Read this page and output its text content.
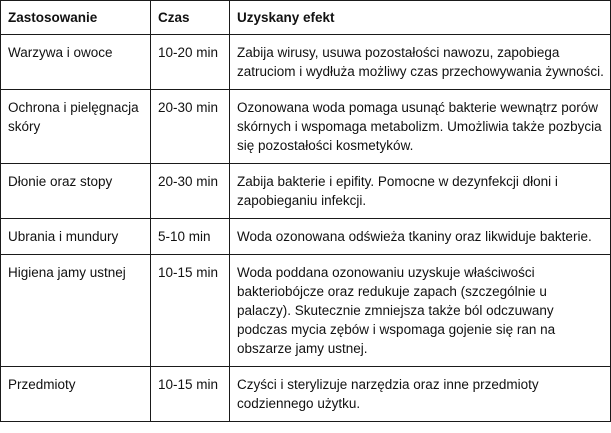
Zastosowanie	Czas	Uzyskany efekt
Warzywa i owoce	10-20 min	Zabija wirusy, usuwa pozostałości nawozu, zapobiega zatruciom i wydłuża możliwy czas przechowywania żywności.
Ochrona i pielęgnacja skóry	20-30 min	Ozonowana woda pomaga usunąć bakterie wewnątrz porów skórnych i wspomaga metabolizm. Umożliwia także pozbycia się pozostałości kosmetyków.
Dłonie oraz stopy	20-30 min	Zabija bakterie i epifity. Pomocne w dezynfekcji dłoni i zapobieganiu infekcji.
Ubrania i mundury	5-10 min	Woda ozonowana odświeża tkaniny oraz likwiduje bakterie.
Higiena jamy ustnej	10-15 min	Woda poddana ozonowaniu uzyskuje właściwości bakteriobójcze oraz redukuje zapach (szczególnie u palaczy). Skutecznie zmniejsza także ból odczuwany podczas mycia zębów i wspomaga gojenie się ran na obszarze jamy ustnej.
Przedmioty	10-15 min	Czyści i sterylizuje narzędzia oraz inne przedmioty codziennego użytku.
